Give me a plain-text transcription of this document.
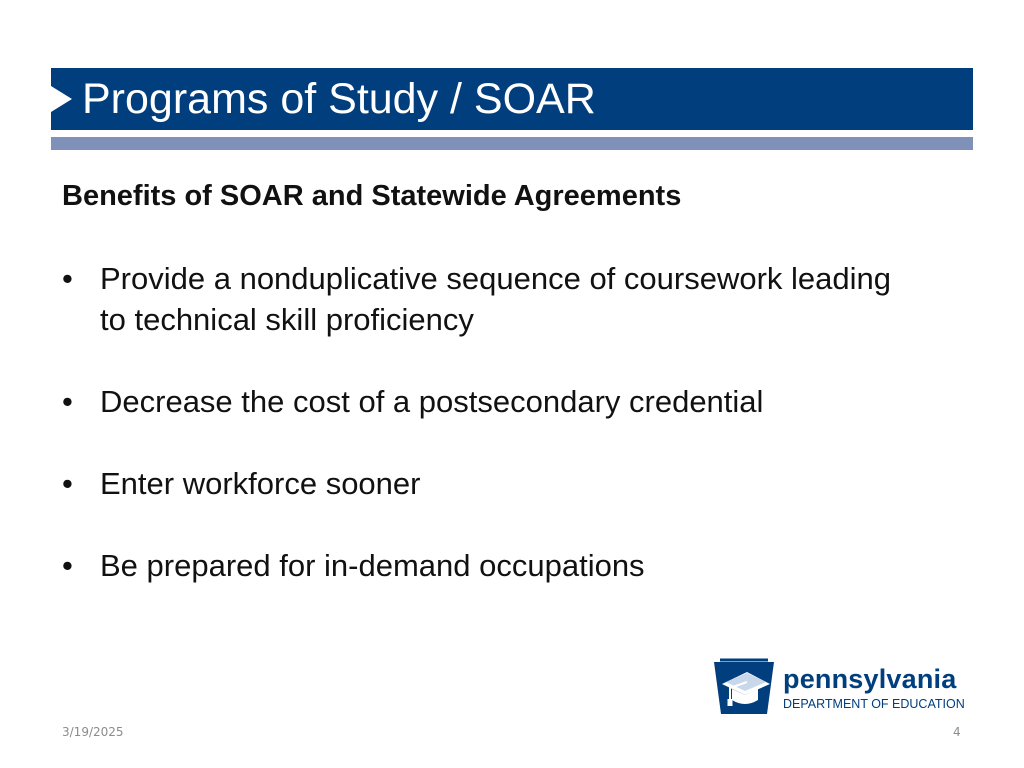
Programs of Study / SOAR
Benefits of SOAR and Statewide Agreements
• Provide a nonduplicative sequence of coursework leading to technical skill proficiency
• Decrease the cost of a postsecondary credential
• Enter workforce sooner
• Be prepared for in-demand occupations
pennsylvania
DEPARTMENT OF EDUCATION
3/19/2025	4
